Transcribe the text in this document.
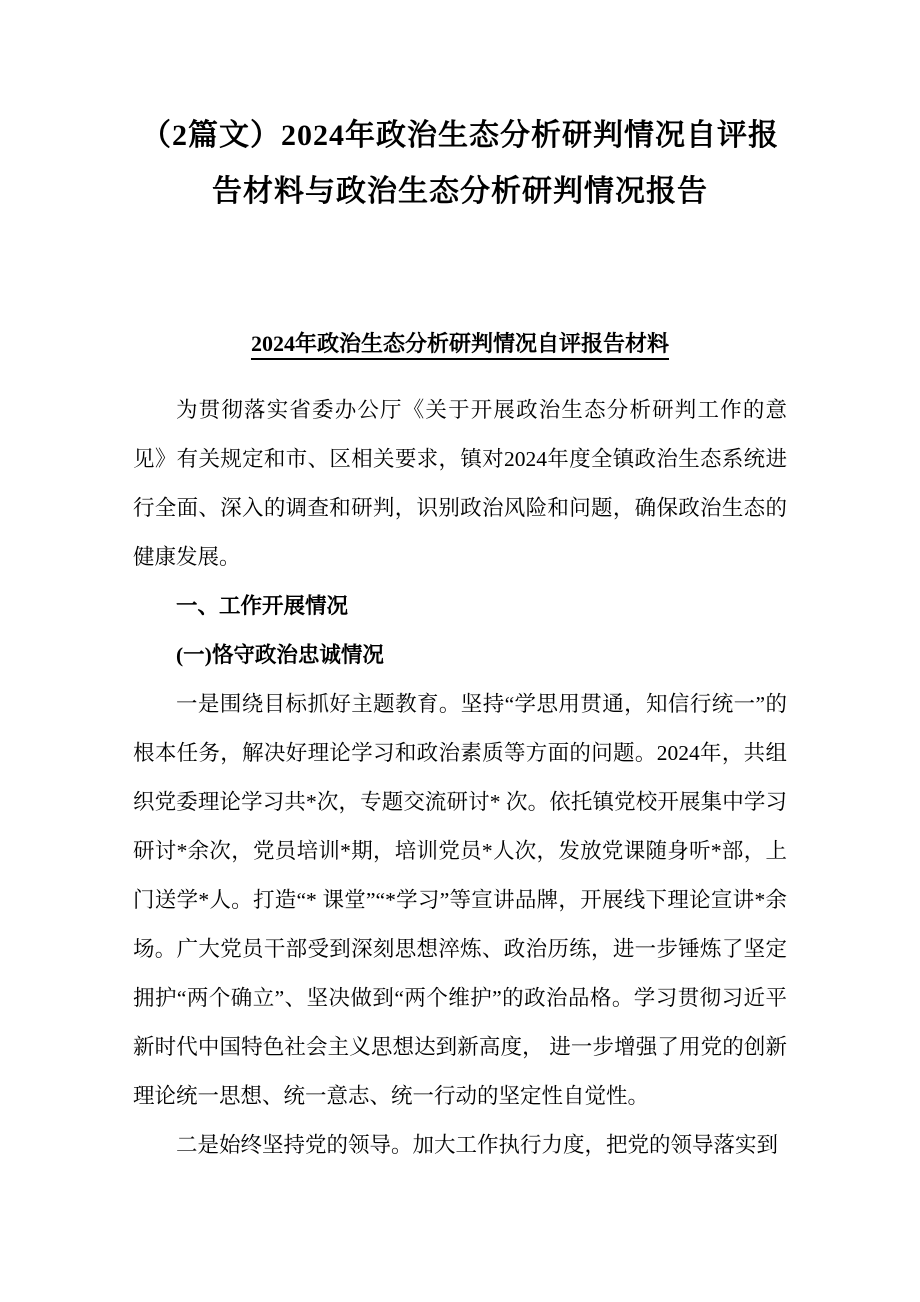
（2篇文）2024年政治生态分析研判情况自评报告材料与政治生态分析研判情况报告
2024年政治生态分析研判情况自评报告材料

为贯彻落实省委办公厅《关于开展政治生态分析研判工作的意见》有关规定和市、区相关要求，镇对2024年度全镇政治生态系统进行全面、深入的调查和研判，识别政治风险和问题，确保政治生态的健康发展。

一、工作开展情况

(一)恪守政治忠诚情况

一是围绕目标抓好主题教育。坚持“学思用贯通，知信行统一”的根本任务，解决好理论学习和政治素质等方面的问题。2024年，共组织党委理论学习共*次，专题交流研讨* 次。依托镇党校开展集中学习研讨*余次，党员培训*期，培训党员*人次，发放党课随身听*部，上门送学*人。打造“* 课堂”“*学习”等宣讲品牌，开展线下理论宣讲*余场。广大党员干部受到深刻思想淬炼、政治历练，进一步锤炼了坚定拥护“两个确立”、坚决做到“两个维护”的政治品格。学习贯彻习近平新时代中国特色社会主义思想达到新高度， 进一步增强了用党的创新理论统一思想、统一意志、统一行动的坚定性自觉性。

二是始终坚持党的领导。加大工作执行力度，把党的领导落实到
